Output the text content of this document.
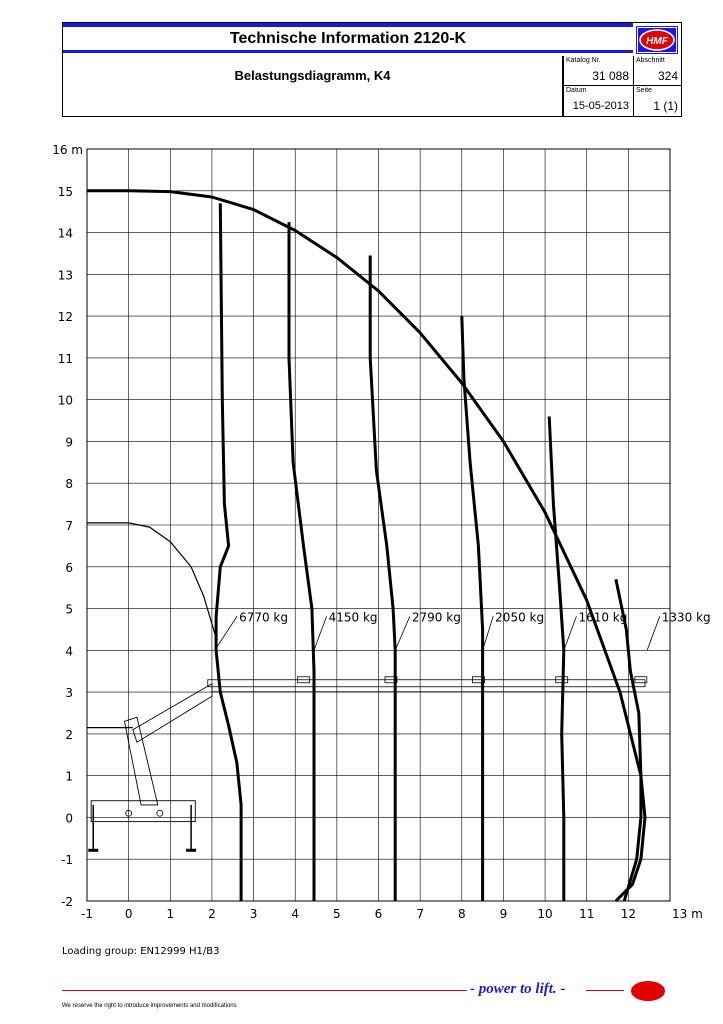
Technische Information 2120-K	HMF
Belastungsdiagramm, K4
Katalog Nr.
31 088
Abschnitt
324
Datum
15-05-2013
Seite
1 (1)
-1	0	1	2	3	4	5	6	7	8	9	10 11 12	13 m
-2
-1
0
1
2
3
4
5
6
7
8
9
10
11
12
13
14
15
16 m
6770 kg	4150 kg	2790 kg	2050 kg	1610 kg	1330 kg
Loading group: EN12999 H1/B3
- power to lift. -
We reserve the right to introduce improvements and modifications
